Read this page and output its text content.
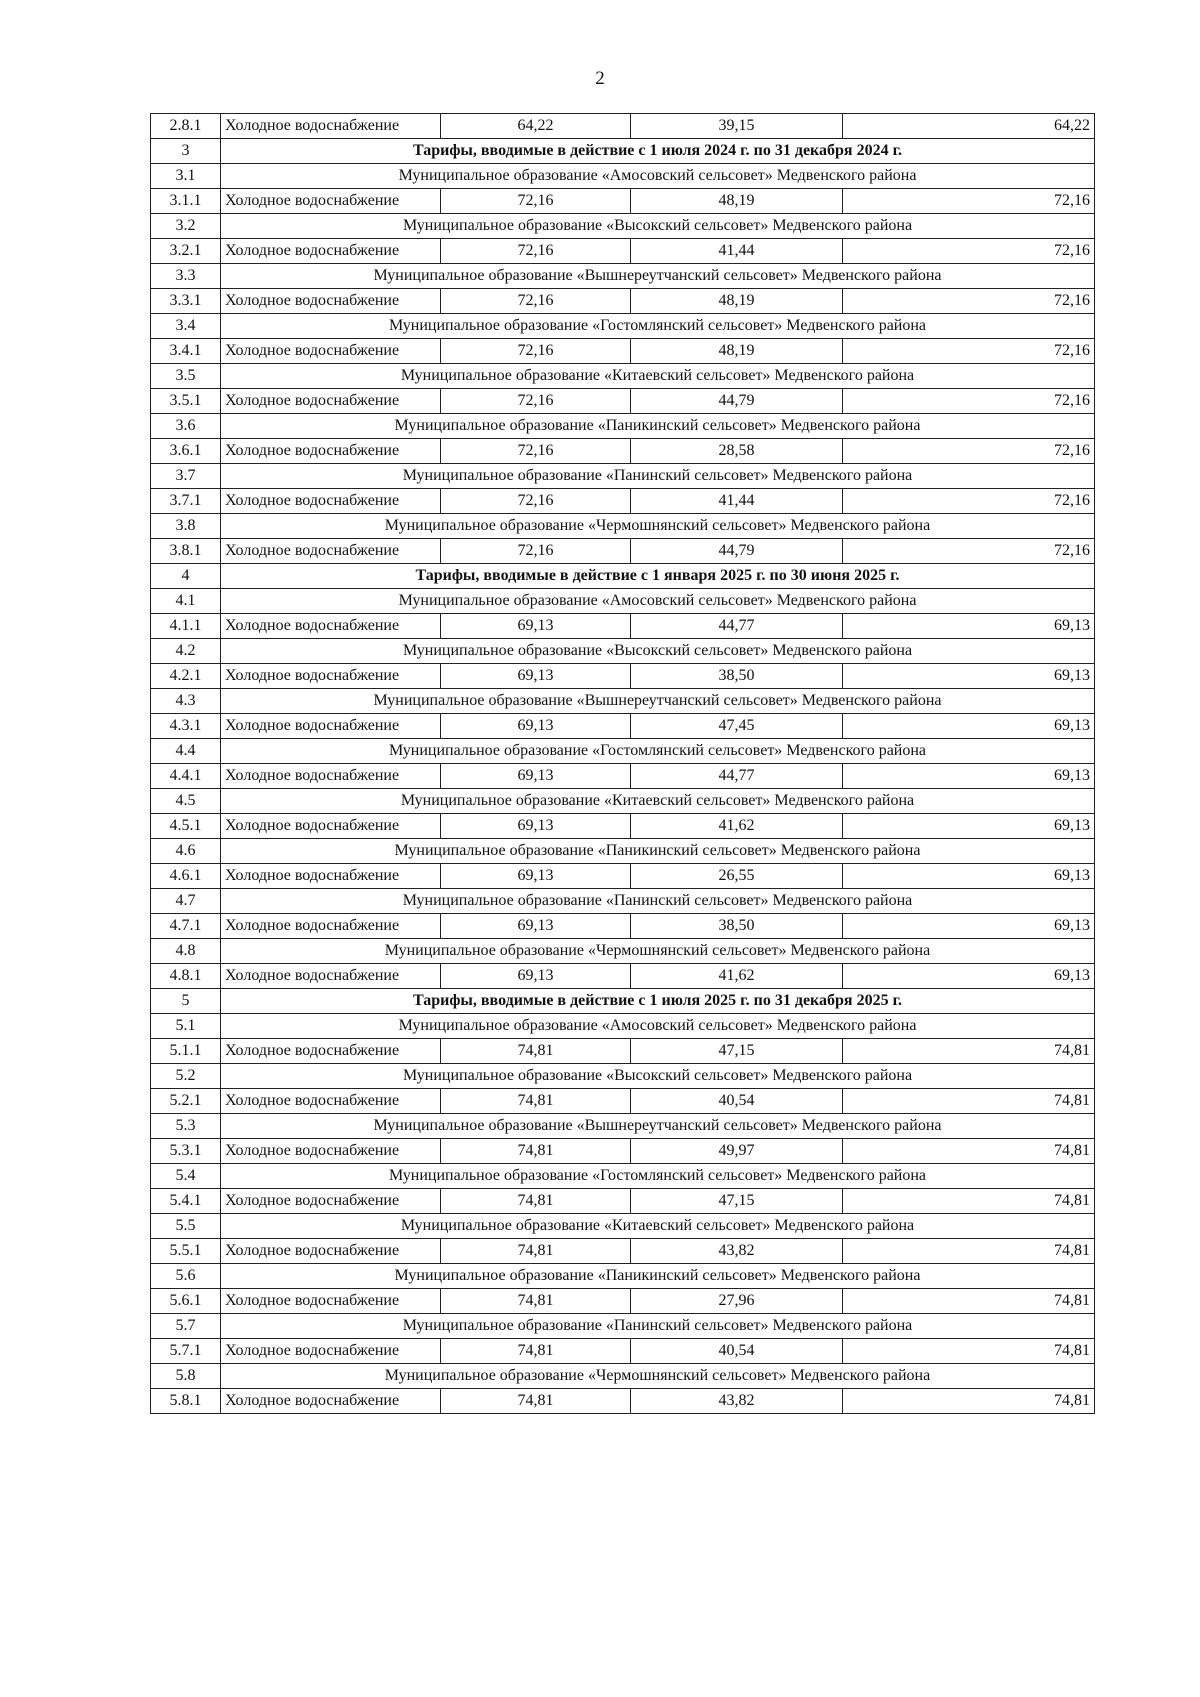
2
2.8.1	Холодное водоснабжение	64,22	39,15	64,22
3	Тарифы, вводимые в действие с 1 июля 2024 г. по 31 декабря 2024 г.			
3.1	Муниципальное образование «Амосовский сельсовет» Медвенского района			
3.1.1	Холодное водоснабжение	72,16	48,19	72,16
3.2	Муниципальное образование «Высокский сельсовет» Медвенского района			
3.2.1	Холодное водоснабжение	72,16	41,44	72,16
3.3	Муниципальное образование «Вышнереутчанский сельсовет» Медвенского района			
3.3.1	Холодное водоснабжение	72,16	48,19	72,16
3.4	Муниципальное образование «Гостомлянский сельсовет» Медвенского района			
3.4.1	Холодное водоснабжение	72,16	48,19	72,16
3.5	Муниципальное образование «Китаевский сельсовет» Медвенского района			
3.5.1	Холодное водоснабжение	72,16	44,79	72,16
3.6	Муниципальное образование «Паникинский сельсовет» Медвенского района			
3.6.1	Холодное водоснабжение	72,16	28,58	72,16
3.7	Муниципальное образование «Панинский сельсовет» Медвенского района			
3.7.1	Холодное водоснабжение	72,16	41,44	72,16
3.8	Муниципальное образование «Чермошнянский сельсовет» Медвенского района			
3.8.1	Холодное водоснабжение	72,16	44,79	72,16
4	Тарифы, вводимые в действие с 1 января 2025 г. по 30 июня 2025 г.			
4.1	Муниципальное образование «Амосовский сельсовет» Медвенского района			
4.1.1	Холодное водоснабжение	69,13	44,77	69,13
4.2	Муниципальное образование «Высокский сельсовет» Медвенского района			
4.2.1	Холодное водоснабжение	69,13	38,50	69,13
4.3	Муниципальное образование «Вышнереутчанский сельсовет» Медвенского района			
4.3.1	Холодное водоснабжение	69,13	47,45	69,13
4.4	Муниципальное образование «Гостомлянский сельсовет» Медвенского района			
4.4.1	Холодное водоснабжение	69,13	44,77	69,13
4.5	Муниципальное образование «Китаевский сельсовет» Медвенского района			
4.5.1	Холодное водоснабжение	69,13	41,62	69,13
4.6	Муниципальное образование «Паникинский сельсовет» Медвенского района			
4.6.1	Холодное водоснабжение	69,13	26,55	69,13
4.7	Муниципальное образование «Панинский сельсовет» Медвенского района			
4.7.1	Холодное водоснабжение	69,13	38,50	69,13
4.8	Муниципальное образование «Чермошнянский сельсовет» Медвенского района			
4.8.1	Холодное водоснабжение	69,13	41,62	69,13
5	Тарифы, вводимые в действие с 1 июля 2025 г. по 31 декабря 2025 г.			
5.1	Муниципальное образование «Амосовский сельсовет» Медвенского района			
5.1.1	Холодное водоснабжение	74,81	47,15	74,81
5.2	Муниципальное образование «Высокский сельсовет» Медвенского района			
5.2.1	Холодное водоснабжение	74,81	40,54	74,81
5.3	Муниципальное образование «Вышнереутчанский сельсовет» Медвенского района			
5.3.1	Холодное водоснабжение	74,81	49,97	74,81
5.4	Муниципальное образование «Гостомлянский сельсовет» Медвенского района			
5.4.1	Холодное водоснабжение	74,81	47,15	74,81
5.5	Муниципальное образование «Китаевский сельсовет» Медвенского района			
5.5.1	Холодное водоснабжение	74,81	43,82	74,81
5.6	Муниципальное образование «Паникинский сельсовет» Медвенского района			
5.6.1	Холодное водоснабжение	74,81	27,96	74,81
5.7	Муниципальное образование «Панинский сельсовет» Медвенского района			
5.7.1	Холодное водоснабжение	74,81	40,54	74,81
5.8	Муниципальное образование «Чермошнянский сельсовет» Медвенского района			
5.8.1	Холодное водоснабжение	74,81	43,82	74,81
